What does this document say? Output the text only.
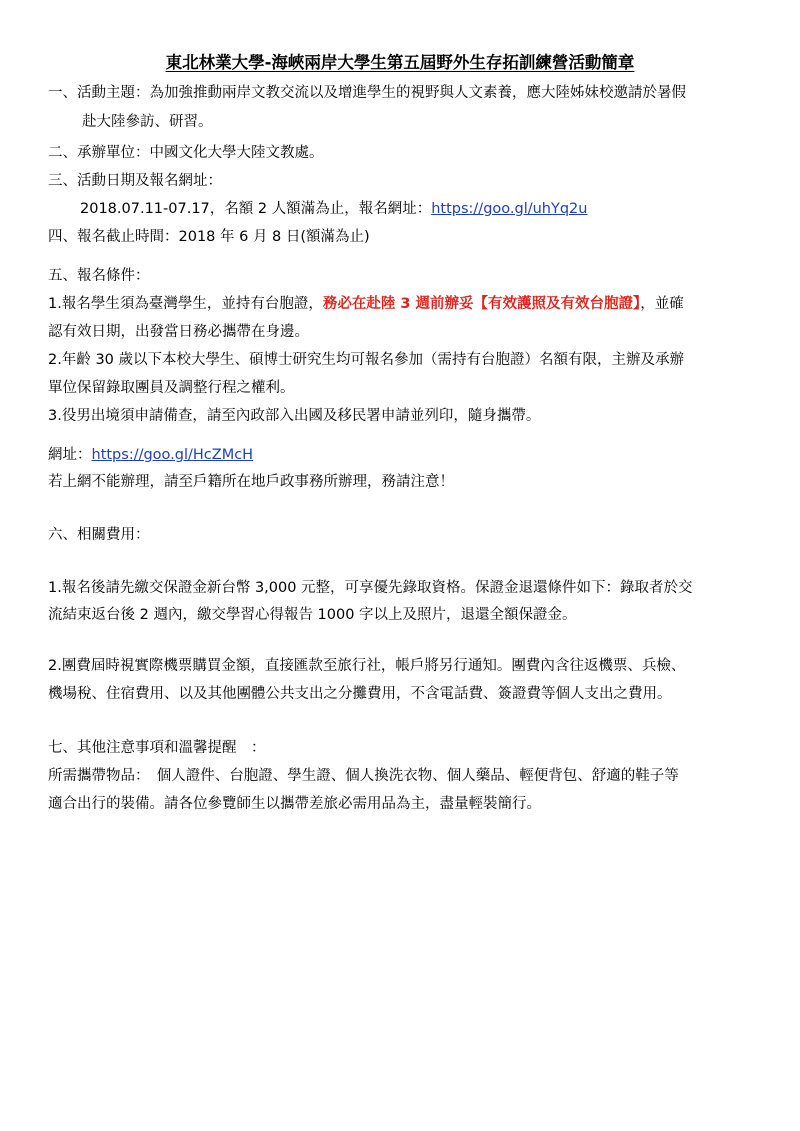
東北林業大學-海峽兩岸大學生第五屆野外生存拓訓練營活動簡章
一、活動主題：為加強推動兩岸文教交流以及增進學生的視野與人文素養，應大陸姊妹校邀請於暑假
赴大陸參訪、研習。
二、承辦單位：中國文化大學大陸文教處。
三、活動日期及報名網址：
2018.07.11-07.17，名額 2 人額滿為止，報名網址：https://goo.gl/uhYq2u
四、報名截止時間：2018 年 6 月 8 日(額滿為止)
五、報名條件：
1.報名學生須為臺灣學生，並持有台胞證，務必在赴陸 3 週前辦妥【有效護照及有效台胞證】，並確
認有效日期，出發當日務必攜帶在身邊。
2.年齡 30 歲以下本校大學生、碩博士研究生均可報名參加（需持有台胞證）名額有限，主辦及承辦
單位保留錄取團員及調整行程之權利。
3.役男出境須申請備查，請至內政部入出國及移民署申請並列印，隨身攜帶。
網址：https://goo.gl/HcZMcH
若上網不能辦理，請至戶籍所在地戶政事務所辦理，務請注意！
六、相關費用：
1.報名後請先繳交保證金新台幣 3,000 元整，可享優先錄取資格。保證金退還條件如下：錄取者於交
流結束返台後 2 週內，繳交學習心得報告 1000 字以上及照片，退還全額保證金。
2.團費屆時視實際機票購買金額，直接匯款至旅行社，帳戶將另行通知。團費內含往返機票、兵檢、
機場稅、住宿費用、以及其他團體公共支出之分攤費用，不含電話費、簽證費等個人支出之費用。
七、其他注意事項和溫馨提醒　：
所需攜帶物品：　個人證件、台胞證、學生證、個人換洗衣物、個人藥品、輕便背包、舒適的鞋子等
適合出行的裝備。請各位參覽師生以攜帶差旅必需用品為主，盡量輕裝簡行。
